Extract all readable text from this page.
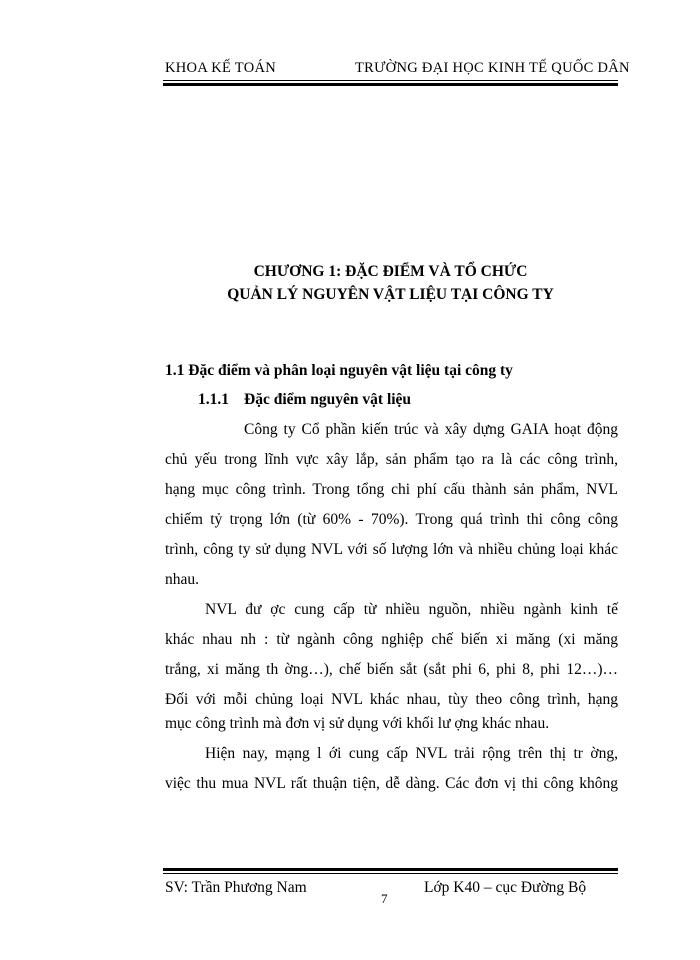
KHOA KẾ TOÁN	TRƯỜNG ĐẠI HỌC KINH TẾ QUỐC DÂN
CHƯƠNG 1: ĐẶC ĐIỂM VÀ TỔ CHỨC
QUẢN LÝ NGUYÊN VẬT LIỆU TẠI CÔNG TY
1.1 Đặc điểm và phân loại nguyên vật liệu tại công ty
1.1.1 Đặc điểm nguyên vật liệu
Công ty Cổ phần kiến trúc và xây dựng GAIA hoạt động
chủ yếu trong lĩnh vực xây lắp, sản phẩm tạo ra là các công trình,
hạng mục công trình. Trong tổng chi phí cấu thành sản phẩm, NVL
chiếm tỷ trọng lớn (từ 60% - 70%). Trong quá trình thi công công
trình, công ty sử dụng NVL với số lượng lớn và nhiều chủng loại khác
nhau.
NVL đư ợc cung cấp từ nhiều nguồn, nhiều ngành kinh tế
khác nhau nh : từ ngành công nghiệp chế biến xi măng (xi măng
trắng, xi măng th ờng…), chế biến sắt (sắt phi 6, phi 8, phi 12…)…
Đối với mỗi chủng loại NVL khác nhau, tùy theo công trình, hạng
mục công trình mà đơn vị sử dụng với khối lư ợng khác nhau.
Hiện nay, mạng l ới cung cấp NVL trải rộng trên thị tr ờng,
việc thu mua NVL rất thuận tiện, dễ dàng. Các đơn vị thi công không
SV: Trần Phương Nam
7
Lớp K40 – cục Đường Bộ
